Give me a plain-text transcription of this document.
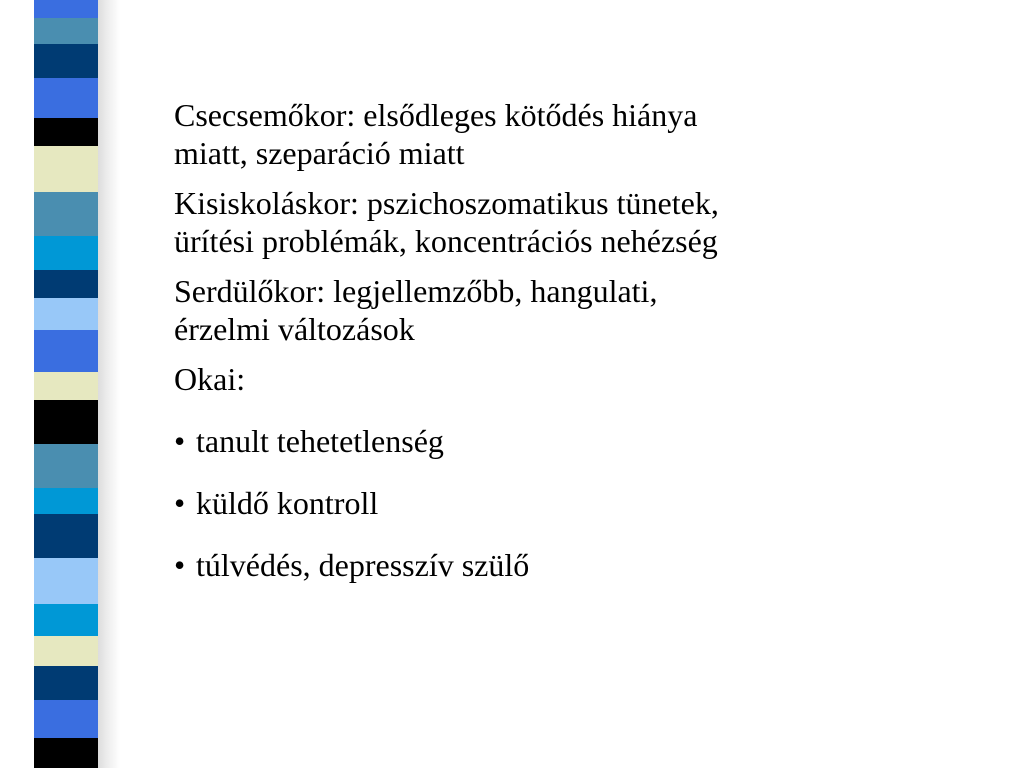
Csecsemőkor: elsődleges kötődés hiánya
miatt, szeparáció miatt

Kisiskoláskor: pszichoszomatikus tünetek,
ürítési problémák, koncentrációs nehézség

Serdülőkor: legjellemzőbb, hangulati,
érzelmi változások

Okai:

• tanult tehetetlenség

• küldő kontroll

• túlvédés, depresszív szülő
